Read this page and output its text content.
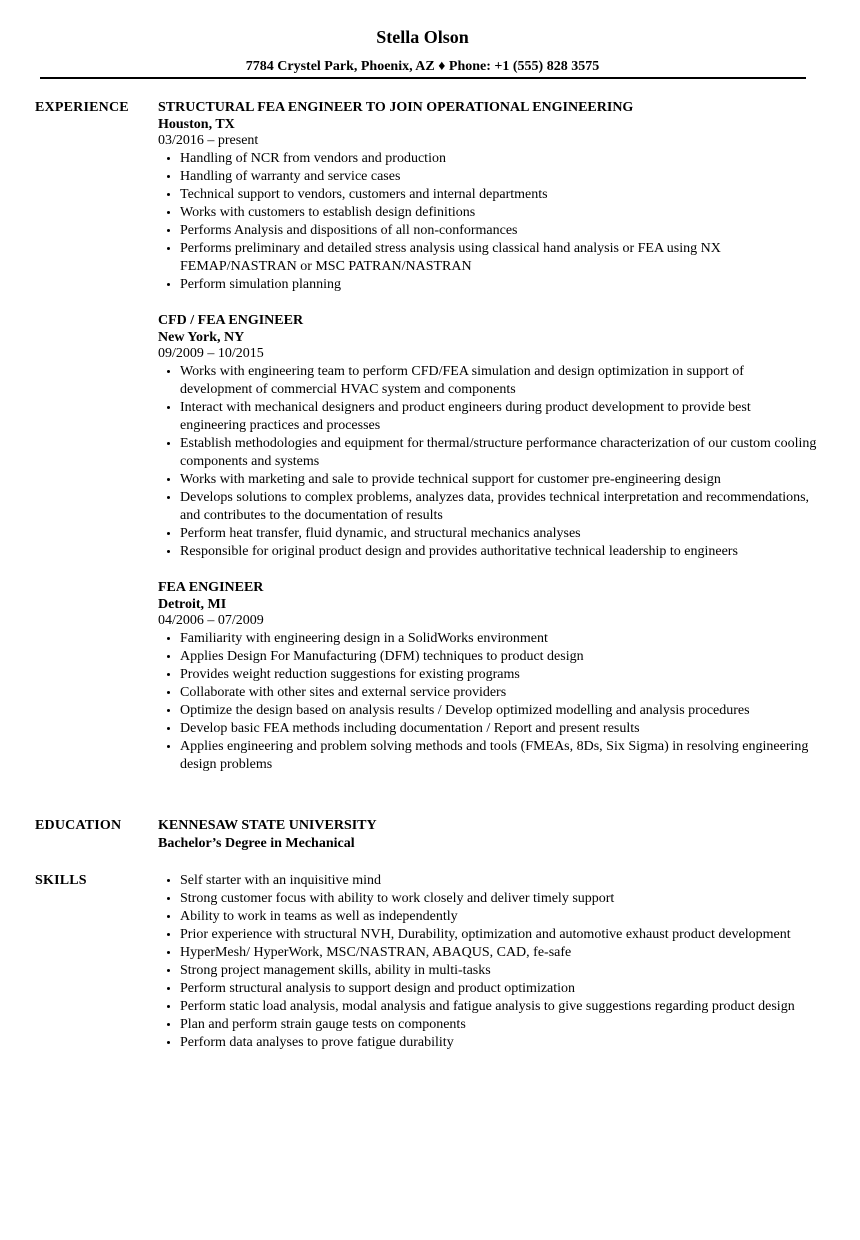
Stella Olson
7784 Crystel Park, Phoenix, AZ ♦ Phone: +1 (555) 828 3575
EXPERIENCE STRUCTURAL FEA ENGINEER TO JOIN OPERATIONAL ENGINEERING
Houston, TX
03/2016 – present
• Handling of NCR from vendors and production
• Handling of warranty and service cases
• Technical support to vendors, customers and internal departments
• Works with customers to establish design definitions
• Performs Analysis and dispositions of all non-conformances
• Performs preliminary and detailed stress analysis using classical hand analysis or FEA using NX FEMAP/NASTRAN or MSC PATRAN/NASTRAN
• Perform simulation planning
CFD / FEA ENGINEER
New York, NY
09/2009 – 10/2015
• Works with engineering team to perform CFD/FEA simulation and design optimization in support of development of commercial HVAC system and components
• Interact with mechanical designers and product engineers during product development to provide best engineering practices and processes
• Establish methodologies and equipment for thermal/structure performance characterization of our custom cooling components and systems
• Works with marketing and sale to provide technical support for customer pre-engineering design
• Develops solutions to complex problems, analyzes data, provides technical interpretation and recommendations, and contributes to the documentation of results
• Perform heat transfer, fluid dynamic, and structural mechanics analyses
• Responsible for original product design and provides authoritative technical leadership to engineers
FEA ENGINEER
Detroit, MI
04/2006 – 07/2009
• Familiarity with engineering design in a SolidWorks environment
• Applies Design For Manufacturing (DFM) techniques to product design
• Provides weight reduction suggestions for existing programs
• Collaborate with other sites and external service providers
• Optimize the design based on analysis results / Develop optimized modelling and analysis procedures
• Develop basic FEA methods including documentation / Report and present results
• Applies engineering and problem solving methods and tools (FMEAs, 8Ds, Six Sigma) in resolving engineering design problems
EDUCATION	KENNESAW STATE UNIVERSITY
Bachelor’s Degree in Mechanical
SKILLS
•	Self starter with an inquisitive mind
• Strong customer focus with ability to work closely and deliver timely support
• Ability to work in teams as well as independently
• Prior experience with structural NVH, Durability, optimization and automotive exhaust product development
• HyperMesh/ HyperWork, MSC/NASTRAN, ABAQUS, CAD, fe-safe
• Strong project management skills, ability in multi-tasks
• Perform structural analysis to support design and product optimization
• Perform static load analysis, modal analysis and fatigue analysis to give suggestions regarding product design
• Plan and perform strain gauge tests on components
• Perform data analyses to prove fatigue durability
